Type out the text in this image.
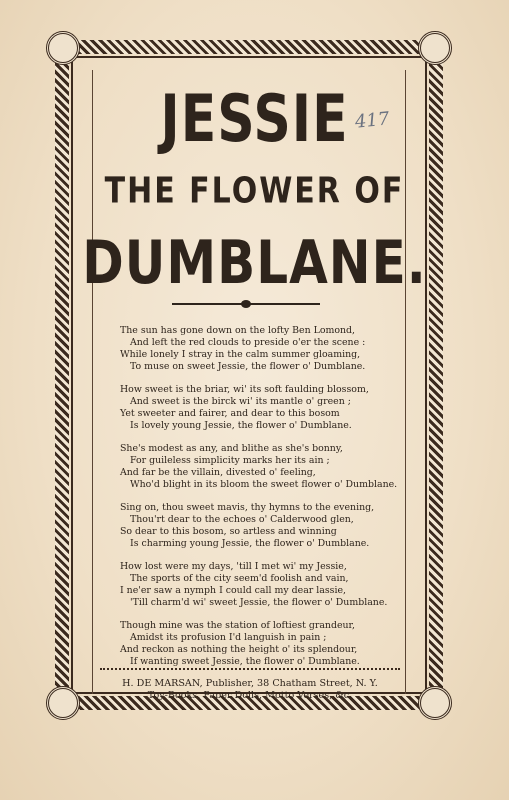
417
JESSIE
THE FLOWER OF
DUMBLANE.
The sun has gone down on the lofty Ben Lomond,
And left the red clouds to preside o'er the scene :
While lonely I stray in the calm summer gloaming,
To muse on sweet Jessie, the flower o' Dumblane.
How sweet is the briar, wi' its soft faulding blossom,
And sweet is the birck wi' its mantle o' green ;
Yet sweeter and fairer, and dear to this bosom
Is lovely young Jessie, the flower o' Dumblane.
She's modest as any, and blithe as she's bonny,
For guileless simplicity marks her its ain ;
And far be the villain, divested o' feeling,
Who'd blight in its bloom the sweet flower o' Dumblane.
Sing on, thou sweet mavis, thy hymns to the evening,
Thou'rt dear to the echoes o' Calderwood glen,
So dear to this bosom, so artless and winning
Is charming young Jessie, the flower o' Dumblane.
How lost were my days, 'till I met wi' my Jessie,
The sports of the city seem'd foolish and vain,
I ne'er saw a nymph I could call my dear lassie,
'Till charm'd wi' sweet Jessie, the flower o' Dumblane.
Though mine was the station of loftiest grandeur,
Amidst its profusion I'd languish in pain ;
And reckon as nothing the height o' its splendour,
If wanting sweet Jessie, the flower o' Dumblane.
H. DE MARSAN, Publisher, 38 Chatham Street, N. Y.
Toy-Books, Paper Dolls, Motto Verses, &c.
